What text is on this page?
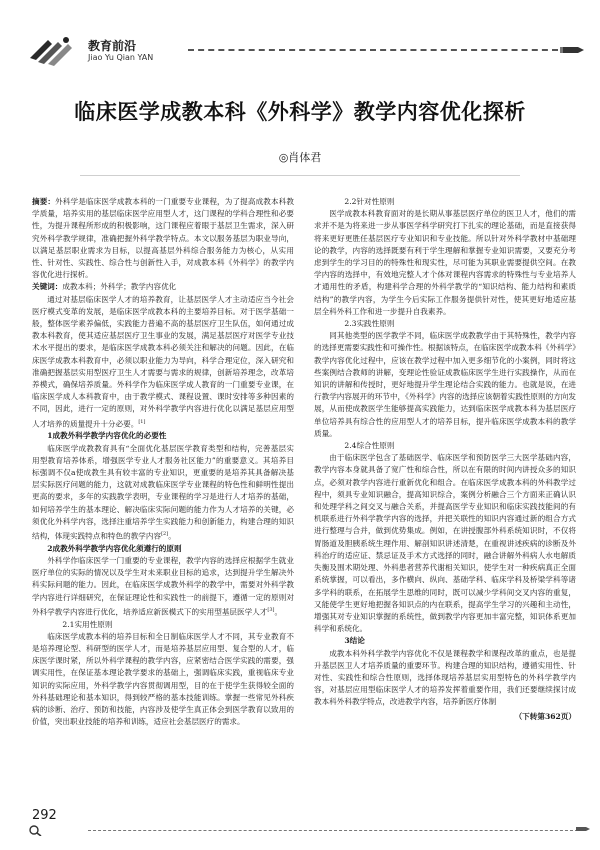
教育前沿
Jiao Yu Qian YAN
临床医学成教本科《外科学》教学内容优化探析
◎肖体君

摘要：外科学是临床医学成教本科的一门重要专业课程，为了提高成教本科教学质量，培养实用的基层临床医学应用型人才，这门课程的学科合理性和必要性，为提升课程所形成的积极影响，这门课程应着眼于基层卫生需求，深入研究外科学教学规律，准确把握外科学教学特点。本文以服务基层为职业导向，以满足基层职业需求为目标，以提高基层外科综合服务能力为核心，从实用性、针对性、实践性、综合性与创新性入手，对成教本科《外科学》的教学内容优化进行探析。

关键词：成教本科；外科学；教学内容优化

通过对基层临床医学人才的培养教育，让基层医学人才主动适应当今社会医疗模式变革的发展，是临床医学成教本科的主要培养目标。对于医学基础一般，整体医学素养偏低，实践能力普遍不高的基层医疗卫生队伍，如何通过成教本科教育，使其适应基层医疗卫生事业的发展，满足基层医疗对医学专业技术水平提出的要求，是临床医学成教本科必须关注和解决的问题。因此，在临床医学成教本科教育中，必须以职业能力为导向，科学合理定位，深入研究和准确把握基层实用型医疗卫生人才需要与需求的规律，创新培养理念，改革培养模式，确保培养质量。外科学作为临床医学成人教育的一门重要专业课，在临床医学成人本科教育中，由于教学模式、课程设置、课时安排等多种因素的不同，因此，进行一定的原则，对外科学教学内容进行优化以满足基层应用型人才培养的质量提升十分必要。[1]

1成教外科学教学内容优化的必要性

临床医学成教教育具有“全面优化基层医学教育类型和结构，完善基层实用型教育培养体系，增强医学专业人才服务社区能力”的重要意义。其培养目标强调不仅a使成教生具有较丰富的专业知识，更重要的是培养其具备解决基层实际医疗问题的能力，这就对成教临床医学专业课程的特色性和鲜明性提出更高的要求，多年的实践教学表明，专业课程的学习是进行人才培养的基础，如何培养学生的基本理论、解决临床实际问题的能力作为人才培养的关键，必须优化外科学内容，选择注重培养学生实践能力和创新能力，构建合理的知识结构，体现实践特点和特色的教学内容[2]。

2成教外科学教学内容优化须遵行的原则

外科学作临床医学一门重要的专业课程，教学内容的选择应根据学生就业医疗单位的实际的情况以及学生对未来职业目标的追求，达到提升学生解决外科实际问题的能力。因此，在临床医学成教外科学的教学中，需要对外科学教学内容进行详细研究，在保证理论性和实践性一的前提下，遵循一定的原则对外科学教学内容进行优化，培养适应新医模式下的实用型基层医学人才[3]。

2.1实用性原则

临床医学成教本科的培养目标和全日制临床医学人才不同，其专业教育不是培养理论型、科研型的医学人才，而是培养基层应用型、复合型的人才，临床医学课时紧，所以外科学课程的教学内容，应紧密结合医学实践的需要，强调实用性，在保证基本理论教学要求的基础上，强调临床实践，重视临床专业知识的实际应用，外科学教学内容贯彻调用型，目的在于使学生获得较全面的外科基础理论和基本知识，得到较严格的基本技能训练。掌握一些常见外科疾病的诊断、治疗、预防和技能，内容涉及使学生真正体会到医学教育以致用的价值，突出职业技能的培养和训练，适应社会基层医疗的需求。

2.2针对性原则

医学成教本科教育面对的是长期从事基层医疗单位的医卫人才，他们的需求并不是为将来进一步从事医学科学研究打下扎实的理论基础，而是直接获得将来更好更胜任基层医疗专业知识和专业技能。所以针对外科学教材中基础理论的教学，内容的选择既要有利于学生理解和掌握专业知识需要，又要充分考虑到学生的学习目的的特殊性和现实性，尽可能为其职业需要提供空间。在教学内容的选择中，有效地完整人才个体对课程内容需求的特殊性与专业培养人才通用性的矛盾，构建科学合理的外科学教学的“知识结构、能力结构和素质结构”的教学内容，为学生今后实际工作服务提供针对性，使其更好地适应基层全科外科工作和进一步提升自我素养。

2.3实践性原则

同其他类型的医学教学不同，临床医学成教教学由于其特殊性，教学内容的选择更需要实践性和可操作性。根据该特点，在临床医学成教本科《外科学》教学内容优化过程中，应该在教学过程中加入更多细节化的小案例，同时将这些案例结合教师的讲解，变理论性验证成教临床医学生进行实践操作，从而在知识的讲解和传授时，更好地提升学生理论结合实践的能力。也就是说，在进行教学内容展开的环节中，《外科学》内容的选择应该朝着实践性原则的方向发展，从而使成教医学生能够提高实践能力，达到临床医学成教本科为基层医疗单位培养具有综合性的应用型人才的培养目标，提升临床医学成教本科的教学质量。

2.4综合性原则

由于临床医学包含了基础医学、临床医学和预防医学三大医学基础内容，教学内容本身就具备了宽广性和综合性，所以在有限的时间内讲授众多的知识点，必须对教学内容进行重新优化和组合。在临床医学成教本科的外科教学过程中，须具专业知识融合，提高知识综合，案例分析融合三个方面来正确认识和处理学科之间交叉与融合关系，并提高医学专业知识和临床实践技能间的有机联系进行外科学教学内容的选择，并把关联性的知识内容通过新的组合方式进行整理与合并，做到优势集成。例如，在讲授腹部外科系统知识时，不仅将胃肠道及胆胰系统生理作用、解剖知识讲述清楚，在重视讲述疾病的诊断及外科治疗的适应证、禁忌证及手术方式选择的同时，融合讲解外科病人水电解质失衡及围术期处理、外科患者营养代谢相关知识，使学生对一种疾病真正全面系统掌握，可以看出，多作横向、纵向、基础学科、临床学科及桥梁学科等诸多学科的联系，在拓展学生思维的同时，既可以减少学科间交叉内容的重复，又能使学生更好地把握各知识点的内在联系，提高学生学习的兴趣和主动性，增强其对专业知识掌握的系统性，做到教学内容更加丰富完整，知识体系更加科学和系统化。

3结论

成教本科外科学教学内容优化不仅是课程教学和课程改革的重点，也是提升基层医卫人才培养质量的重要环节。构建合理的知识结构，遵循实用性、针对性、实践性和综合性原则，选择体现培养基层实用型特色的外科学教学内容，对基层应用型临床医学人才的培养发挥着重要作用，我们还要继续探讨成教本科外科教学特点，改进教学内容，培养新医疗体制

（下转第362页）
292
